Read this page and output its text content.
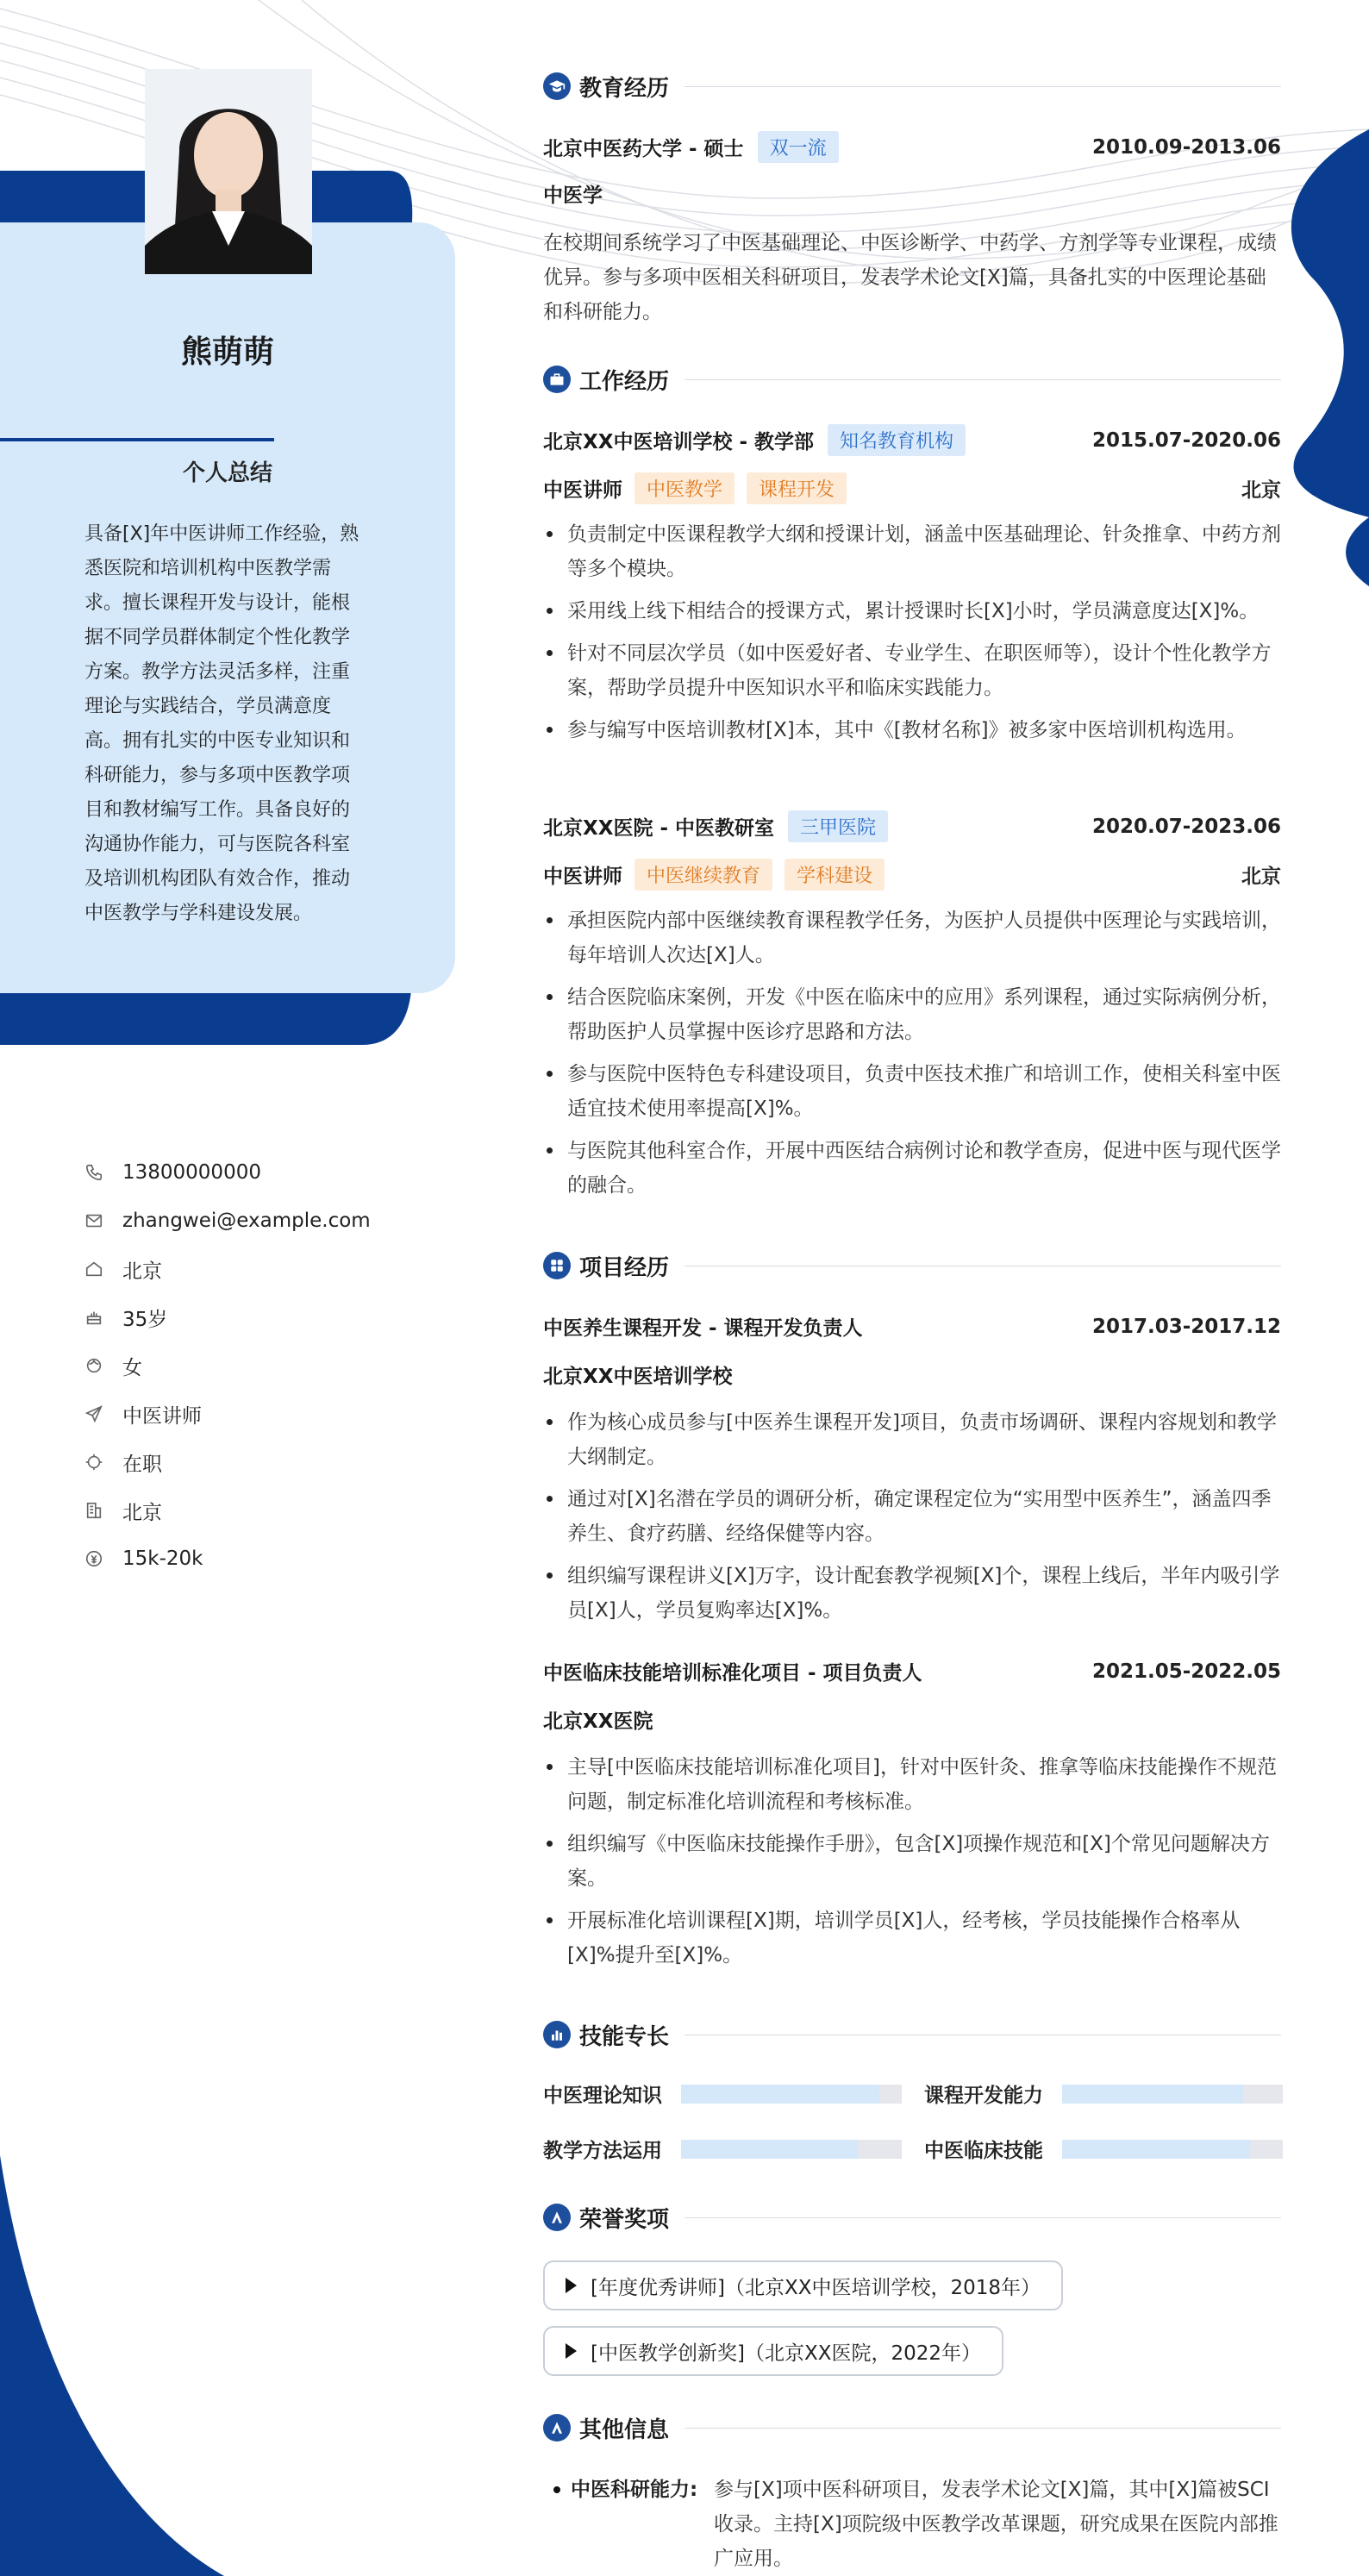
熊萌萌
个人总结
具备[X]年中医讲师工作经验，熟悉医院和培训机构中医教学需求。擅长课程开发与设计，能根据不同学员群体制定个性化教学方案。教学方法灵活多样，注重理论与实践结合，学员满意度高。拥有扎实的中医专业知识和科研能力，参与多项中医教学项目和教材编写工作。具备良好的沟通协作能力，可与医院各科室及培训机构团队有效合作，推动中医教学与学科建设发展。
13800000000
zhangwei@example.com
北京
35岁
女
中医讲师
在职
北京
15k-20k
教育经历
北京中医药大学 - 硕士	双一流	2010.09-2013.06
中医学
在校期间系统学习了中医基础理论、中医诊断学、中药学、方剂学等专业课程，成绩优异。参与多项中医相关科研项目，发表学术论文[X]篇，具备扎实的中医理论基础和科研能力。
工作经历
北京XX中医培训学校 - 教学部	知名教育机构	2015.07-2020.06
中医讲师	中医教学	课程开发	北京
负责制定中医课程教学大纲和授课计划，涵盖中医基础理论、针灸推拿、中药方剂等多个模块。
采用线上线下相结合的授课方式，累计授课时长[X]小时，学员满意度达[X]%。
针对不同层次学员（如中医爱好者、专业学生、在职医师等），设计个性化教学方案，帮助学员提升中医知识水平和临床实践能力。
参与编写中医培训教材[X]本，其中《[教材名称]》被多家中医培训机构选用。
北京XX医院 - 中医教研室	三甲医院	2020.07-2023.06
中医讲师	中医继续教育	学科建设	北京
承担医院内部中医继续教育课程教学任务，为医护人员提供中医理论与实践培训，每年培训人次达[X]人。
结合医院临床案例，开发《中医在临床中的应用》系列课程，通过实际病例分析，帮助医护人员掌握中医诊疗思路和方法。
参与医院中医特色专科建设项目，负责中医技术推广和培训工作，使相关科室中医适宜技术使用率提高[X]%。
与医院其他科室合作，开展中西医结合病例讨论和教学查房，促进中医与现代医学的融合。
项目经历
中医养生课程开发 - 课程开发负责人	2017.03-2017.12
北京XX中医培训学校
作为核心成员参与[中医养生课程开发]项目，负责市场调研、课程内容规划和教学大纲制定。
通过对[X]名潜在学员的调研分析，确定课程定位为“实用型中医养生”，涵盖四季养生、食疗药膳、经络保健等内容。
组织编写课程讲义[X]万字，设计配套教学视频[X]个，课程上线后，半年内吸引学员[X]人，学员复购率达[X]%。
中医临床技能培训标准化项目 - 项目负责人	2021.05-2022.05
北京XX医院
主导[中医临床技能培训标准化项目]，针对中医针灸、推拿等临床技能操作不规范问题，制定标准化培训流程和考核标准。
组织编写《中医临床技能操作手册》，包含[X]项操作规范和[X]个常见问题解决方案。
开展标准化培训课程[X]期，培训学员[X]人，经考核，学员技能操作合格率从[X]%提升至[X]%。
技能专长
中医理论知识	课程开发能力
教学方法运用	中医临床技能
荣誉奖项
[年度优秀讲师]（北京XX中医培训学校，2018年）
[中医教学创新奖]（北京XX医院，2022年）
其他信息
中医科研能力: 参与[X]项中医科研项目，发表学术论文[X]篇，其中[X]篇被SCI收录。主持[X]项院级中医教学改革课题，研究成果在医院内部推广应用。
